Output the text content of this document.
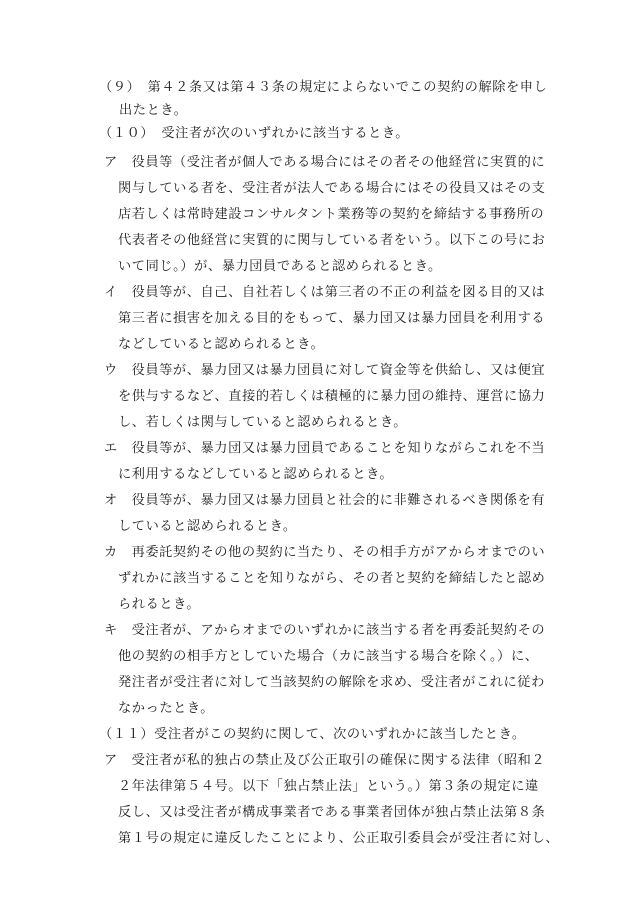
（９）　第４２条又は第４３条の規定によらないでこの契約の解除を申し
出たとき。
（１０）　受注者が次のいずれかに該当するとき。
ア　役員等（受注者が個人である場合にはその者その他経営に実質的に
関与している者を、受注者が法人である場合にはその役員又はその支
店若しくは常時建設コンサルタント業務等の契約を締結する事務所の
代表者その他経営に実質的に関与している者をいう。以下この号にお
いて同じ。）が、暴力団員であると認められるとき。
イ　役員等が、自己、自社若しくは第三者の不正の利益を図る目的又は
第三者に損害を加える目的をもって、暴力団又は暴力団員を利用する
などしていると認められるとき。
ウ　役員等が、暴力団又は暴力団員に対して資金等を供給し、又は便宜
を供与するなど、直接的若しくは積極的に暴力団の維持、運営に協力
し、若しくは関与していると認められるとき。
エ　役員等が、暴力団又は暴力団員であることを知りながらこれを不当
に利用するなどしていると認められるとき。
オ　役員等が、暴力団又は暴力団員と社会的に非難されるべき関係を有
していると認められるとき。
カ　再委託契約その他の契約に当たり、その相手方がアからオまでのい
ずれかに該当することを知りながら、その者と契約を締結したと認め
られるとき。
キ　受注者が、アからオまでのいずれかに該当する者を再委託契約その
他の契約の相手方としていた場合（カに該当する場合を除く。）に、
発注者が受注者に対して当該契約の解除を求め、受注者がこれに従わ
なかったとき。
（１１）受注者がこの契約に関して、次のいずれかに該当したとき。
ア　受注者が私的独占の禁止及び公正取引の確保に関する法律（昭和２
２年法律第５４号。以下「独占禁止法」という。）第３条の規定に違
反し、又は受注者が構成事業者である事業者団体が独占禁止法第８条
第１号の規定に違反したことにより、公正取引委員会が受注者に対し、
